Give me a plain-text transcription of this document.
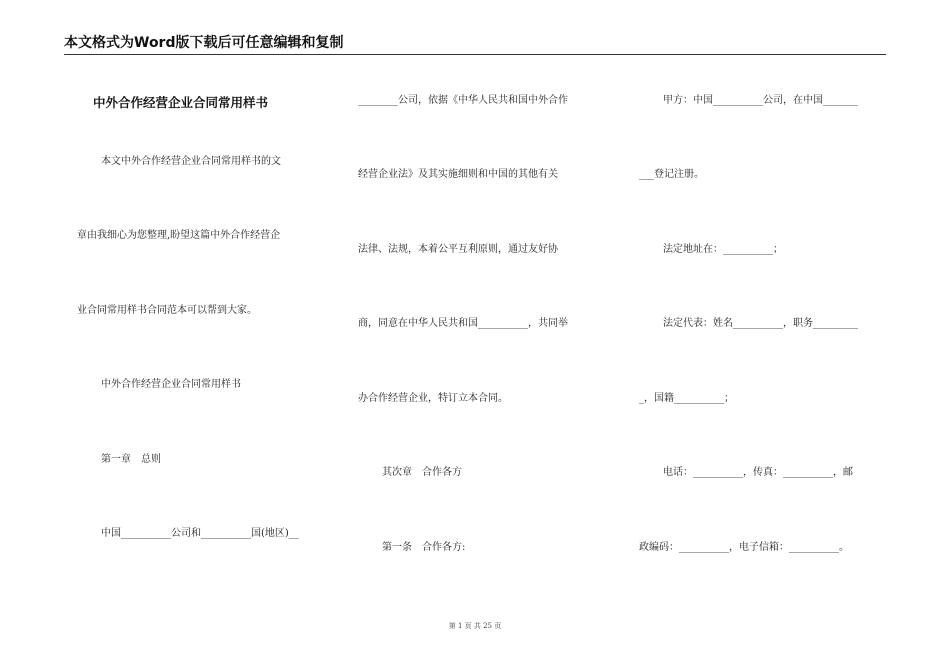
本文格式为Word版下载后可任意编辑和复制
中外合作经营企业合同常用样书
本文中外合作经营企业合同常用样书的文
章由我细心为您整理,盼望这篇中外合作经营企
业合同常用样书合同范本可以帮到大家。
中外合作经营企业合同常用样书
第一章　总则
中国__________公司和__________国(地区)__
________公司，依据《中华人民共和国中外合作
经营企业法》及其实施细则和中国的其他有关
法律、法规，本着公平互利原则，通过友好协
商，同意在中华人民共和国__________，共同举
办合作经营企业，特订立本合同。
其次章　合作各方
第一条　合作各方:
甲方：中国__________公司，在中国_______
___登记注册。
法定地址在：__________；
法定代表：姓名__________，职务_________
_，国籍__________；
电话：__________，传真：__________，邮
政编码：__________，电子信箱：__________。
第 1 页 共 25 页
